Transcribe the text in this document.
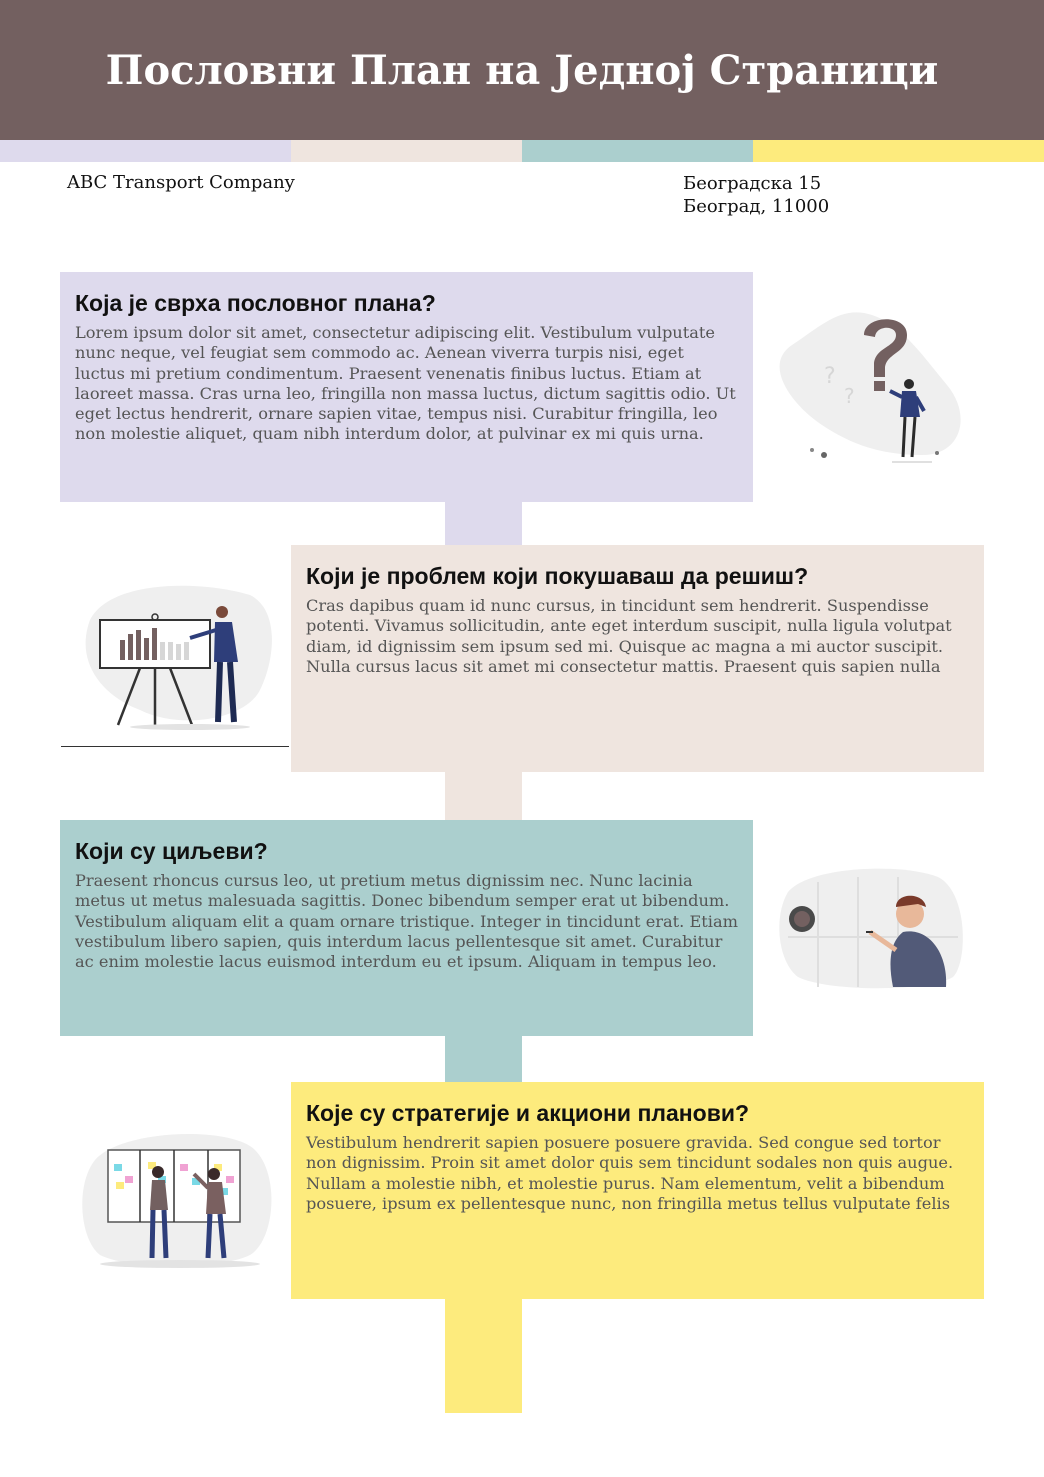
Пословни План на Једној Страници
ABC Transport Company	Београдска 15
Београд, 11000
Која је сврха пословног плана?

Lorem ipsum dolor sit amet, consectetur adipiscing elit. Vestibulum vulputate nunc neque, vel feugiat sem commodo ac. Aenean viverra turpis nisi, eget luctus mi pretium condimentum. Praesent venenatis finibus luctus. Etiam at laoreet massa. Cras urna leo, fringilla non massa luctus, dictum sagittis odio. Ut eget lectus hendrerit, ornare sapien vitae, tempus nisi. Curabitur fringilla, leo non molestie aliquet, quam nibh interdum dolor, at pulvinar ex mi quis urna.

?
?
Који је проблем који покушаваш да решиш?

Cras dapibus quam id nunc cursus, in tincidunt sem hendrerit. Suspendisse potenti. Vivamus sollicitudin, ante eget interdum suscipit, nulla ligula volutpat diam, id dignissim sem ipsum sed mi. Quisque ac magna a mi auctor suscipit. Nulla cursus lacus sit amet mi consectetur mattis. Praesent quis sapien nulla

Који су циљеви?

Praesent rhoncus cursus leo, ut pretium metus dignissim nec. Nunc lacinia metus ut metus malesuada sagittis. Donec bibendum semper erat ut bibendum. Vestibulum aliquam elit a quam ornare tristique. Integer in tincidunt erat. Etiam vestibulum libero sapien, quis interdum lacus pellentesque sit amet. Curabitur ac enim molestie lacus euismod interdum eu et ipsum. Aliquam in tempus leo.

Које су стратегије и акциони планови?

Vestibulum hendrerit sapien posuere posuere gravida. Sed congue sed tortor non dignissim. Proin sit amet dolor quis sem tincidunt sodales non quis augue. Nullam a molestie nibh, et molestie purus. Nam elementum, velit a bibendum posuere, ipsum ex pellentesque nunc, non fringilla metus tellus vulputate felis
